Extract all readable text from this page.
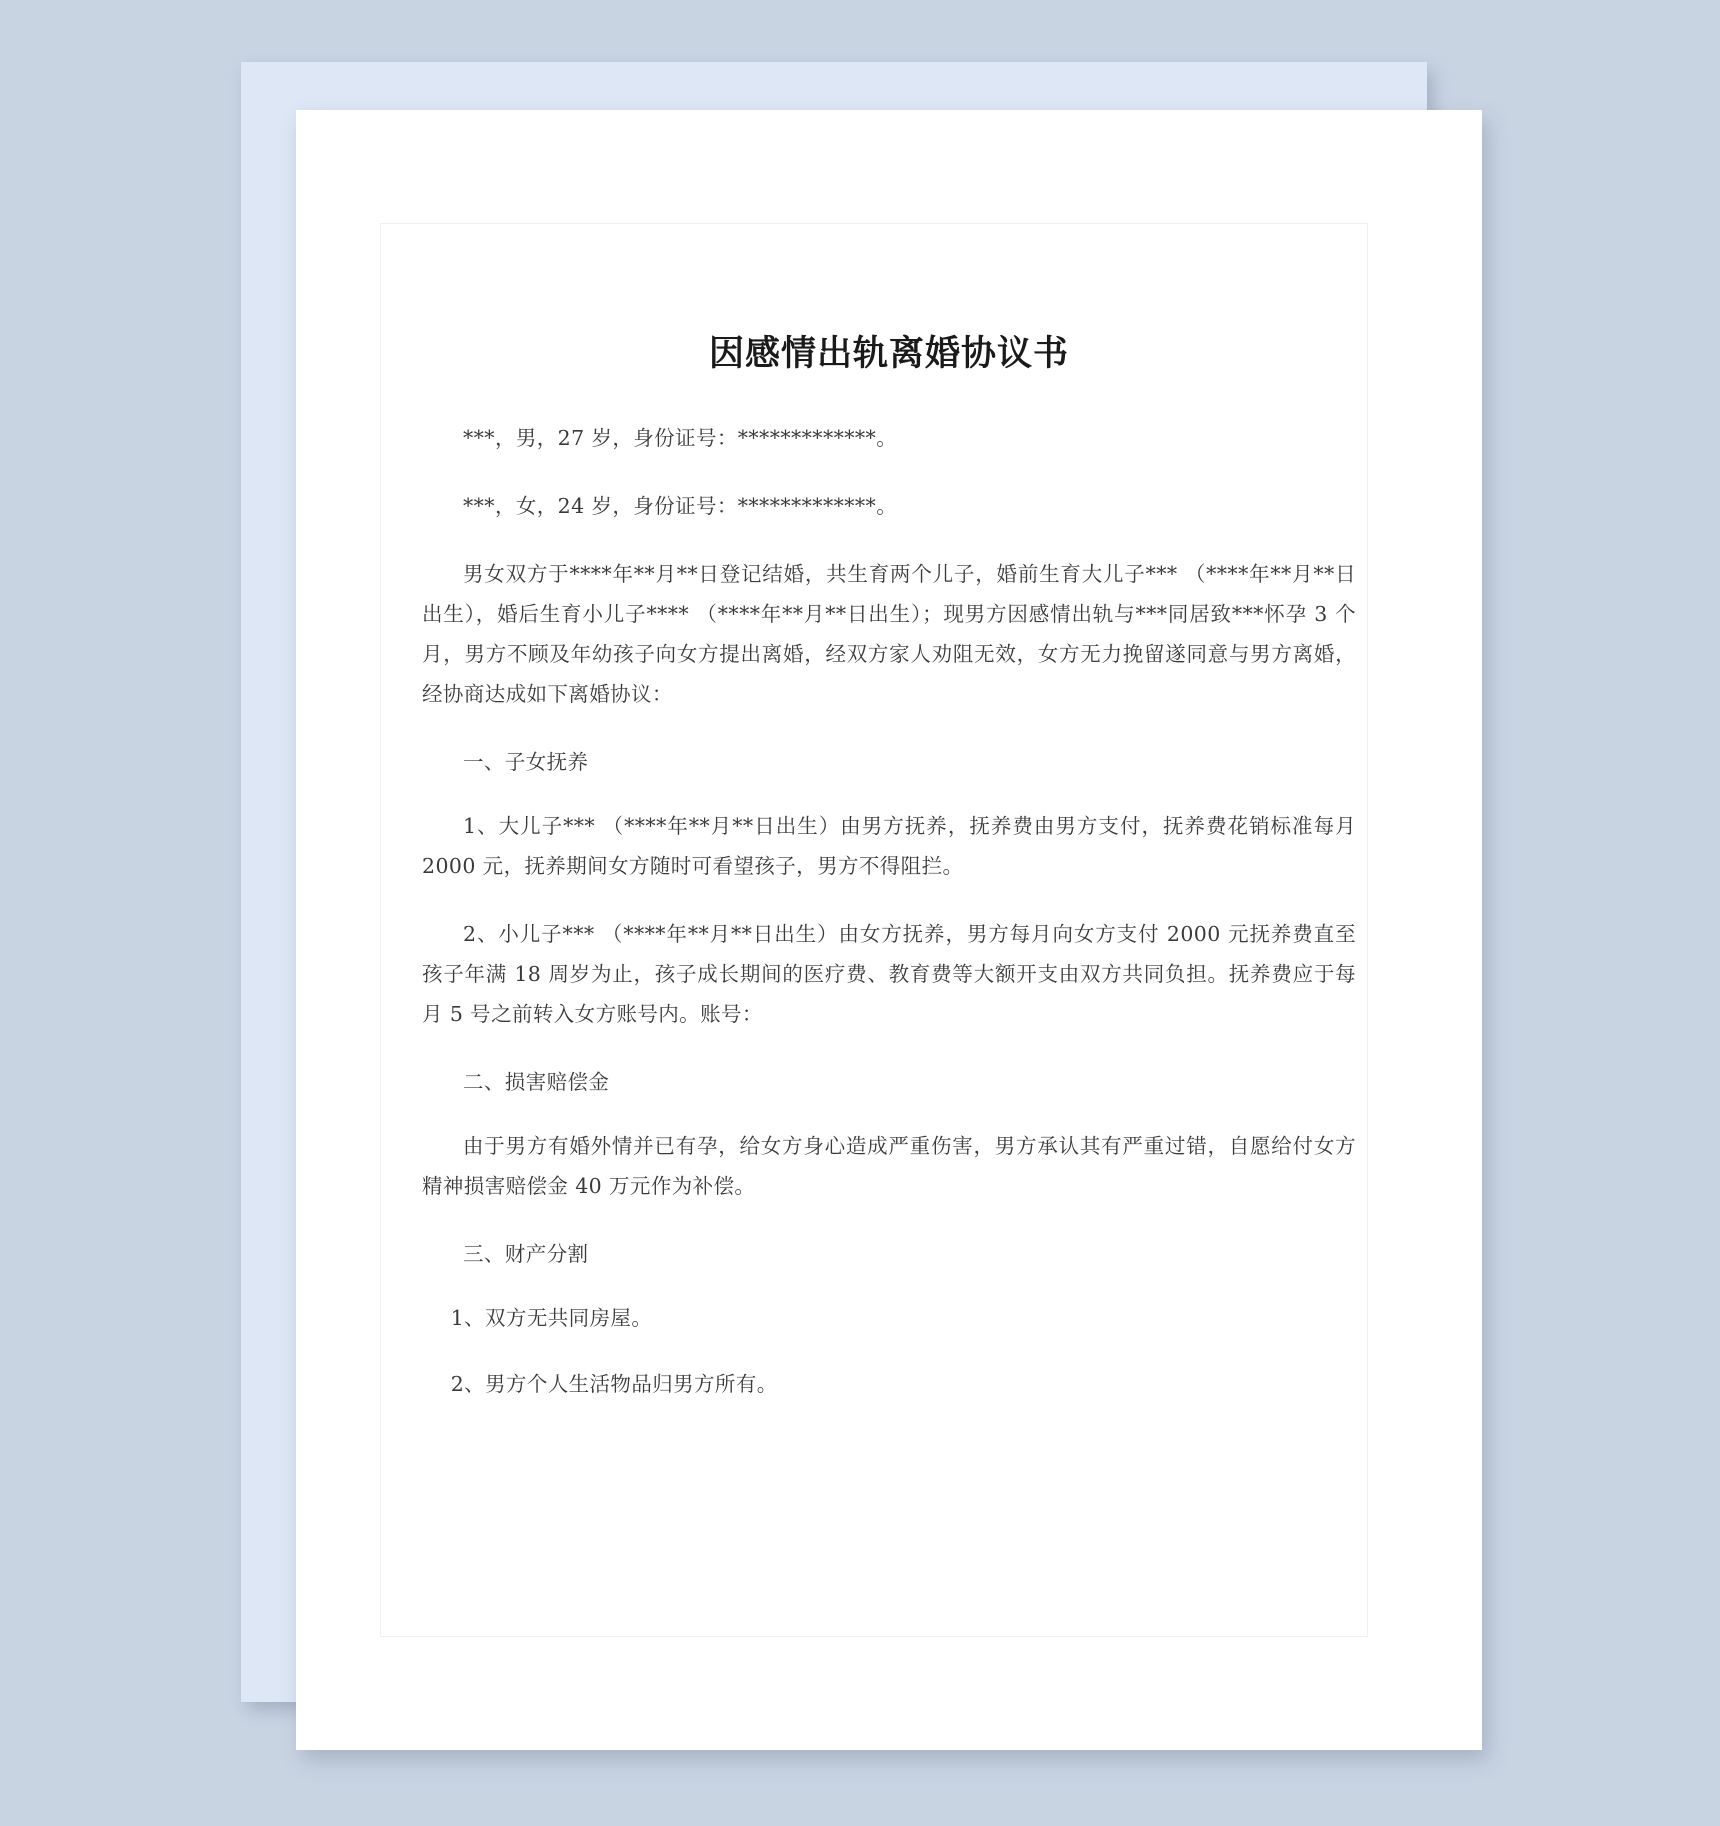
因感情出轨离婚协议书

***，男，27 岁，身份证号：*************。

***，女，24 岁，身份证号：*************。

男女双方于****年**月**日登记结婚，共生育两个儿子，婚前生育大儿子*** （****年**月**日出生），婚后生育小儿子**** （****年**月**日出生）；现男方因感情出轨与***同居致***怀孕 3 个月，男方不顾及年幼孩子向女方提出离婚，经双方家人劝阻无效，女方无力挽留遂同意与男方离婚，经协商达成如下离婚协议：

一、子女抚养

1、大儿子*** （****年**月**日出生）由男方抚养，抚养费由男方支付，抚养费花销标准每月 2000 元，抚养期间女方随时可看望孩子，男方不得阻拦。

2、小儿子*** （****年**月**日出生）由女方抚养，男方每月向女方支付 2000 元抚养费直至孩子年满 18 周岁为止，孩子成长期间的医疗费、教育费等大额开支由双方共同负担。抚养费应于每月 5 号之前转入女方账号内。账号：

二、损害赔偿金

由于男方有婚外情并已有孕，给女方身心造成严重伤害，男方承认其有严重过错，自愿给付女方精神损害赔偿金 40 万元作为补偿。

三、财产分割

1、双方无共同房屋。

2、男方个人生活物品归男方所有。
